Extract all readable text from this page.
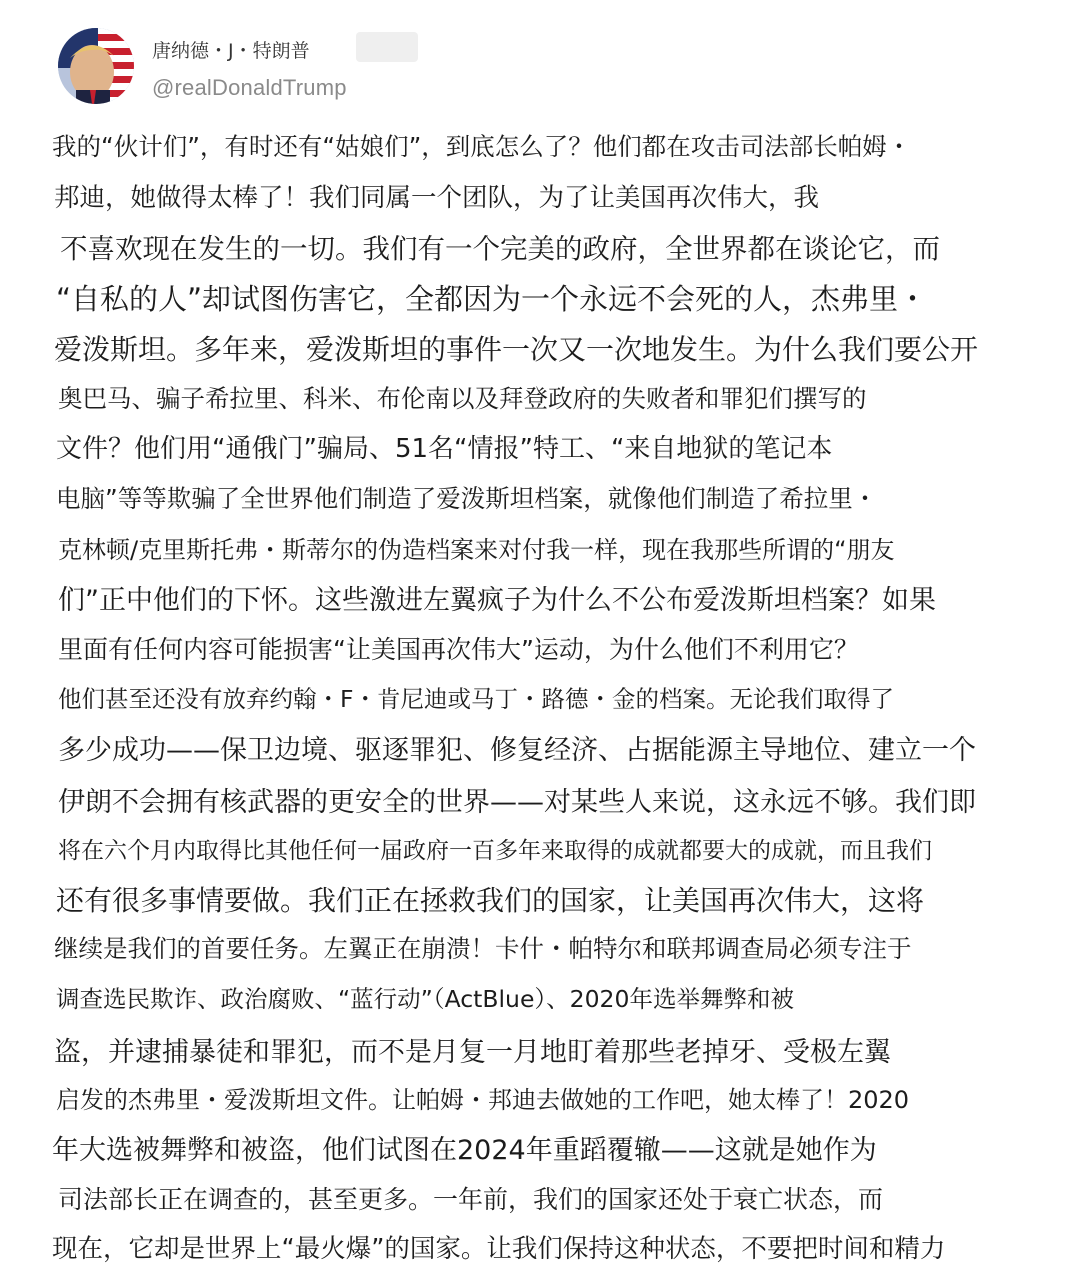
唐纳德・J・特朗普
@realDonaldTrump
我的“伙计们”，有时还有“姑娘们”，到底怎么了？他们都在攻击司法部长帕姆・
邦迪，她做得太棒了！我们同属一个团队，为了让美国再次伟大，我
不喜欢现在发生的一切。我们有一个完美的政府，全世界都在谈论它，而
“自私的人”却试图伤害它，全都因为一个永远不会死的人，杰弗里・
爱泼斯坦。多年来，爱泼斯坦的事件一次又一次地发生。为什么我们要公开
奥巴马、骗子希拉里、科米、布伦南以及拜登政府的失败者和罪犯们撰写的
文件？他们用“通俄门”骗局、51名“情报”特工、“来自地狱的笔记本
电脑”等等欺骗了全世界他们制造了爱泼斯坦档案，就像他们制造了希拉里・
克林顿/克里斯托弗・斯蒂尔的伪造档案来对付我一样，现在我那些所谓的“朋友
们”正中他们的下怀。这些激进左翼疯子为什么不公布爱泼斯坦档案？如果
里面有任何内容可能损害“让美国再次伟大”运动，为什么他们不利用它？
他们甚至还没有放弃约翰・F・肯尼迪或马丁・路德・金的档案。无论我们取得了
多少成功——保卫边境、驱逐罪犯、修复经济、占据能源主导地位、建立一个
伊朗不会拥有核武器的更安全的世界——对某些人来说，这永远不够。我们即
将在六个月内取得比其他任何一届政府一百多年来取得的成就都要大的成就，而且我们
还有很多事情要做。我们正在拯救我们的国家，让美国再次伟大，这将
继续是我们的首要任务。左翼正在崩溃！卡什・帕特尔和联邦调查局必须专注于
调查选民欺诈、政治腐败、“蓝行动”（ActBlue）、2020年选举舞弊和被
盗，并逮捕暴徒和罪犯，而不是月复一月地盯着那些老掉牙、受极左翼
启发的杰弗里・爱泼斯坦文件。让帕姆・邦迪去做她的工作吧，她太棒了！2020
年大选被舞弊和被盗，他们试图在2024年重蹈覆辙——这就是她作为
司法部长正在调查的，甚至更多。一年前，我们的国家还处于衰亡状态，而
现在，它却是世界上“最火爆”的国家。让我们保持这种状态，不要把时间和精力
